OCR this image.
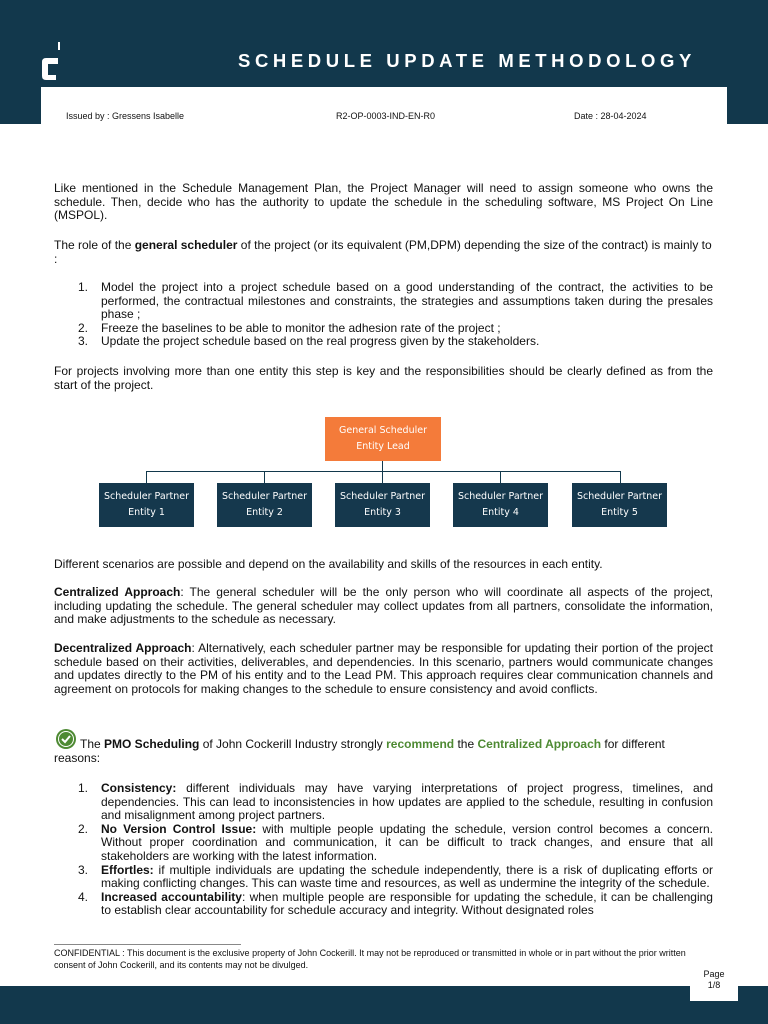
SCHEDULE UPDATE METHODOLOGY
Issued by : Gressens Isabelle	R2-OP-0003-IND-EN-R0	Date : 28-04-2024

Like mentioned in the Schedule Management Plan, the Project Manager will need to assign someone who owns the schedule. Then, decide who has the authority to update the schedule in the scheduling software, MS Project On Line (MSPOL).

The role of the general scheduler of the project (or its equivalent (PM,DPM) depending the size of the contract) is mainly to :

1. Model the project into a project schedule based on a good understanding of the contract, the activities to be performed, the contractual milestones and constraints, the strategies and assumptions taken during the presales phase ;
2. Freeze the baselines to be able to monitor the adhesion rate of the project ;
3. Update the project schedule based on the real progress given by the stakeholders.

For projects involving more than one entity this step is key and the responsibilities should be clearly defined as from the start of the project.

General Scheduler
Entity Lead
Scheduler Partner
Entity 1
Scheduler Partner
Entity 2
Scheduler Partner
Entity 3
Scheduler Partner
Entity 4
Scheduler Partner
Entity 5

Different scenarios are possible and depend on the availability and skills of the resources in each entity.

Centralized Approach: The general scheduler will be the only person who will coordinate all aspects of the project, including updating the schedule. The general scheduler may collect updates from all partners, consolidate the information, and make adjustments to the schedule as necessary.

Decentralized Approach: Alternatively, each scheduler partner may be responsible for updating their portion of the project schedule based on their activities, deliverables, and dependencies. In this scenario, partners would communicate changes and updates directly to the PM of his entity and to the Lead PM. This approach requires clear communication channels and agreement on protocols for making changes to the schedule to ensure consistency and avoid conflicts.

The PMO Scheduling of John Cockerill Industry strongly recommend the Centralized Approach for different reasons:

1. Consistency: different individuals may have varying interpretations of project progress, timelines, and dependencies. This can lead to inconsistencies in how updates are applied to the schedule, resulting in confusion and misalignment among project partners.
2. No Version Control Issue: with multiple people updating the schedule, version control becomes a concern. Without proper coordination and communication, it can be difficult to track changes, and ensure that all stakeholders are working with the latest information.
3. Effortles: if multiple individuals are updating the schedule independently, there is a risk of duplicating efforts or making conflicting changes. This can waste time and resources, as well as undermine the integrity of the schedule.
4. Increased accountability: when multiple people are responsible for updating the schedule, it can be challenging to establish clear accountability for schedule accuracy and integrity. Without designated roles
CONFIDENTIAL : This document is the exclusive property of John Cockerill. It may not be reproduced or transmitted in whole or in part without the prior written consent of John Cockerill, and its contents may not be divulged.
Page
1/8
